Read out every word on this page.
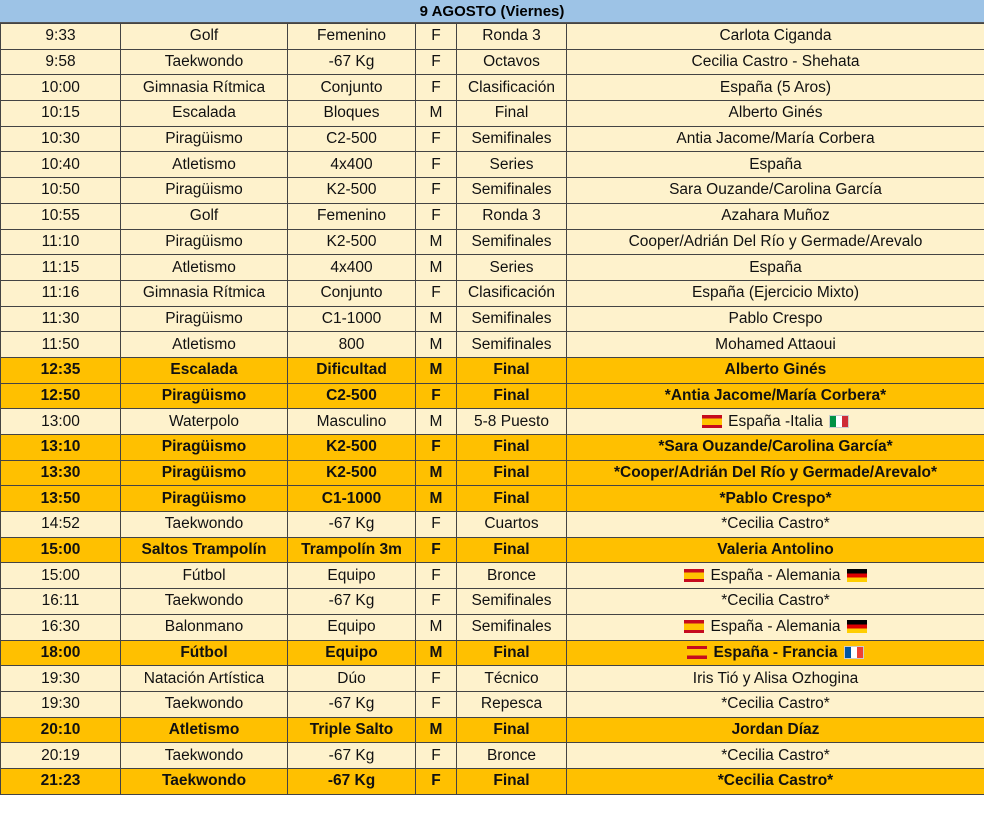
9 AGOSTO (Viernes)
9:33	Golf	Femenino	F	Ronda 3	Carlota Ciganda
9:58	Taekwondo	-67 Kg	F	Octavos	Cecilia Castro - Shehata
10:00	Gimnasia Rítmica	Conjunto	F	Clasificación	España (5 Aros)
10:15	Escalada	Bloques	M	Final	Alberto Ginés
10:30	Piragüismo	C2-500	F	Semifinales	Antia Jacome/María Corbera
10:40	Atletismo	4x400	F	Series	España
10:50	Piragüismo	K2-500	F	Semifinales	Sara Ouzande/Carolina García
10:55	Golf	Femenino	F	Ronda 3	Azahara Muñoz
11:10	Piragüismo	K2-500	M	Semifinales	Cooper/Adrián Del Río y Germade/Arevalo
11:15	Atletismo	4x400	M	Series	España
11:16	Gimnasia Rítmica	Conjunto	F	Clasificación	España (Ejercicio Mixto)
11:30	Piragüismo	C1-1000	M	Semifinales	Pablo Crespo
11:50	Atletismo	800	M	Semifinales	Mohamed Attaoui
12:35	Escalada	Dificultad	M	Final	Alberto Ginés
12:50	Piragüismo	C2-500	F	Final	*Antia Jacome/María Corbera*
13:00	Waterpolo	Masculino	M	5-8 Puesto	España -Italia
13:10	Piragüismo	K2-500	F	Final	*Sara Ouzande/Carolina García*
13:30	Piragüismo	K2-500	M	Final	*Cooper/Adrián Del Río y Germade/Arevalo*
13:50	Piragüismo	C1-1000	M	Final	*Pablo Crespo*
14:52	Taekwondo	-67 Kg	F	Cuartos	*Cecilia Castro*
15:00	Saltos Trampolín	Trampolín 3m	F	Final	Valeria Antolino
15:00	Fútbol	Equipo	F	Bronce	España - Alemania
16:11	Taekwondo	-67 Kg	F	Semifinales	*Cecilia Castro*
16:30	Balonmano	Equipo	M	Semifinales	España - Alemania
18:00	Fútbol	Equipo	M	Final	España - Francia
19:30	Natación Artística	Dúo	F	Técnico	Iris Tió y Alisa Ozhogina
19:30	Taekwondo	-67 Kg	F	Repesca	*Cecilia Castro*
20:10	Atletismo	Triple Salto	M	Final	Jordan Díaz
20:19	Taekwondo	-67 Kg	F	Bronce	*Cecilia Castro*
21:23	Taekwondo	-67 Kg	F	Final	*Cecilia Castro*
